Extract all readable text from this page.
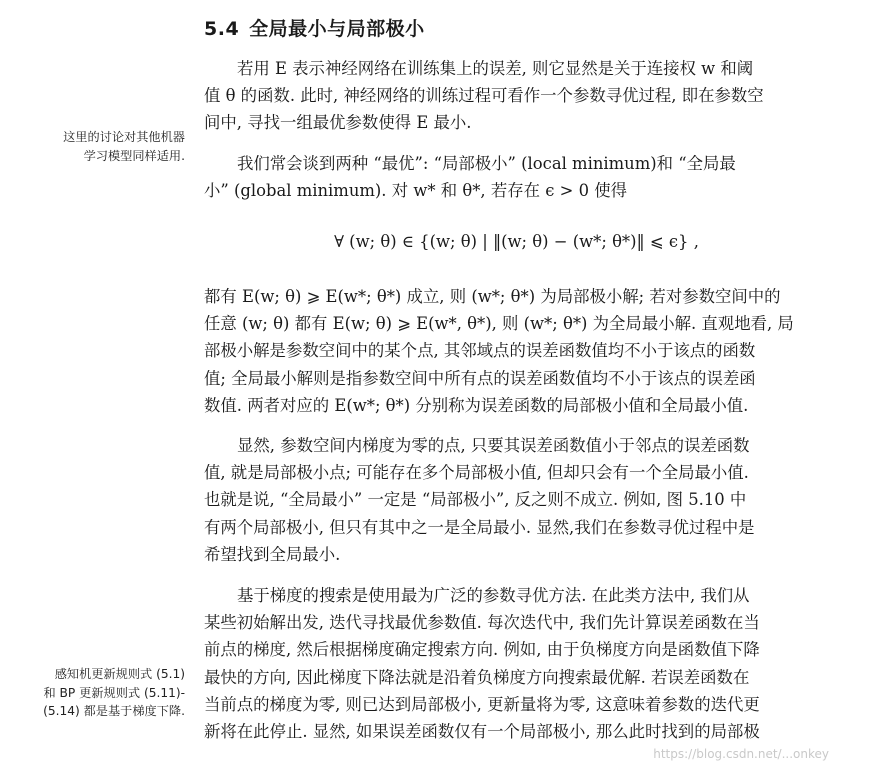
5.4 全局最小与局部极小

若用 E 表示神经网络在训练集上的误差, 则它显然是关于连接权 w 和阈
值 θ 的函数. 此时, 神经网络的训练过程可看作一个参数寻优过程, 即在参数空
间中, 寻找一组最优参数使得 E 最小.

我们常会谈到两种 “最优”: “局部极小” (local minimum)和 “全局最
小” (global minimum). 对 w* 和 θ*, 若存在 ϵ > 0 使得

∀ (w; θ) ∈ {(w; θ) | ‖(w; θ) − (w*; θ*)‖ ⩽ ϵ} ,

都有 E(w; θ) ⩾ E(w*; θ*) 成立, 则 (w*; θ*) 为局部极小解; 若对参数空间中的
任意 (w; θ) 都有 E(w; θ) ⩾ E(w*, θ*), 则 (w*; θ*) 为全局最小解. 直观地看, 局
部极小解是参数空间中的某个点, 其邻域点的误差函数值均不小于该点的函数
值; 全局最小解则是指参数空间中所有点的误差函数值均不小于该点的误差函
数值. 两者对应的 E(w*; θ*) 分别称为误差函数的局部极小值和全局最小值.

显然, 参数空间内梯度为零的点, 只要其误差函数值小于邻点的误差函数
值, 就是局部极小点; 可能存在多个局部极小值, 但却只会有一个全局最小值.
也就是说, “全局最小” 一定是 “局部极小”, 反之则不成立. 例如, 图 5.10 中
有两个局部极小, 但只有其中之一是全局最小. 显然,我们在参数寻优过程中是
希望找到全局最小.

基于梯度的搜索是使用最为广泛的参数寻优方法. 在此类方法中, 我们从
某些初始解出发, 迭代寻找最优参数值. 每次迭代中, 我们先计算误差函数在当
前点的梯度, 然后根据梯度确定搜索方向. 例如, 由于负梯度方向是函数值下降
最快的方向, 因此梯度下降法就是沿着负梯度方向搜索最优解. 若误差函数在
当前点的梯度为零, 则已达到局部极小, 更新量将为零, 这意味着参数的迭代更
新将在此停止. 显然, 如果误差函数仅有一个局部极小, 那么此时找到的局部极

这里的讨论对其他机器
学习模型同样适用.
感知机更新规则式 (5.1)
和 BP 更新规则式 (5.11)-
(5.14) 都是基于梯度下降.
https://blog.csdn.net/...onkey
